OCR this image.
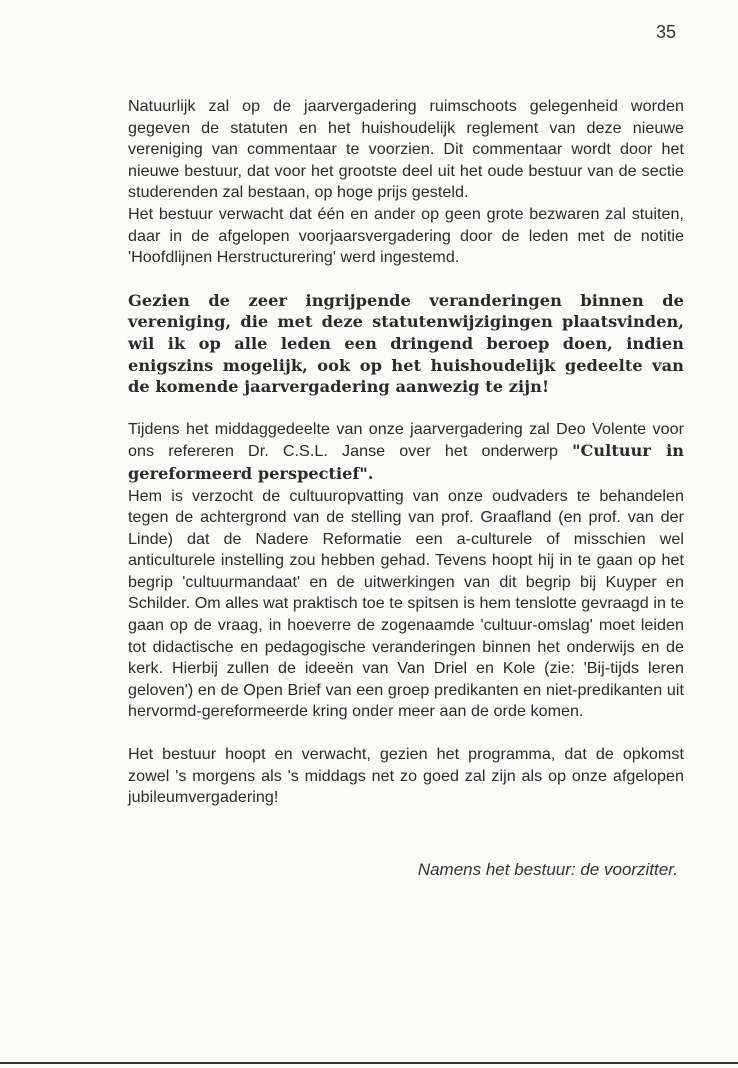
35

Natuurlijk zal op de jaarvergadering ruimschoots gelegenheid worden gegeven de statuten en het huishoudelijk reglement van deze nieuwe vereniging van commentaar te voorzien. Dit commentaar wordt door het nieuwe bestuur, dat voor het grootste deel uit het oude bestuur van de sectie studerenden zal bestaan, op hoge prijs gesteld.

Het bestuur verwacht dat één en ander op geen grote bezwaren zal stuiten, daar in de afgelopen voorjaarsvergadering door de leden met de notitie 'Hoofdlijnen Herstructurering' werd ingestemd.

Gezien de zeer ingrijpende veranderingen binnen de vereniging, die met deze statutenwijzigingen plaatsvinden, wil ik op alle leden een dringend beroep doen, indien enigszins mogelijk, ook op het huishoudelijk gedeelte van de komende jaarvergadering aanwezig te zijn!

Tijdens het middaggedeelte van onze jaarvergadering zal Deo Volente voor ons refereren Dr. C.S.L. Janse over het onderwerp "Cultuur in gereformeerd perspectief".

Hem is verzocht de cultuuropvatting van onze oudvaders te behandelen tegen de achtergrond van de stelling van prof. Graafland (en prof. van der Linde) dat de Nadere Reformatie een a-culturele of misschien wel anticulturele instelling zou hebben gehad. Tevens hoopt hij in te gaan op het begrip 'cultuurmandaat' en de uitwerkingen van dit begrip bij Kuyper en Schilder. Om alles wat praktisch toe te spitsen is hem tenslotte gevraagd in te gaan op de vraag, in hoeverre de zogenaamde 'cultuur-omslag' moet leiden tot didactische en pedagogische veranderingen binnen het onderwijs en de kerk. Hierbij zullen de ideeën van Van Driel en Kole (zie: 'Bij-tijds leren geloven') en de Open Brief van een groep predikanten en niet-predikanten uit hervormd-gereformeerde kring onder meer aan de orde komen.

Het bestuur hoopt en verwacht, gezien het programma, dat de opkomst zowel 's morgens als 's middags net zo goed zal zijn als op onze afgelopen jubileumvergadering!

Namens het bestuur: de voorzitter.
